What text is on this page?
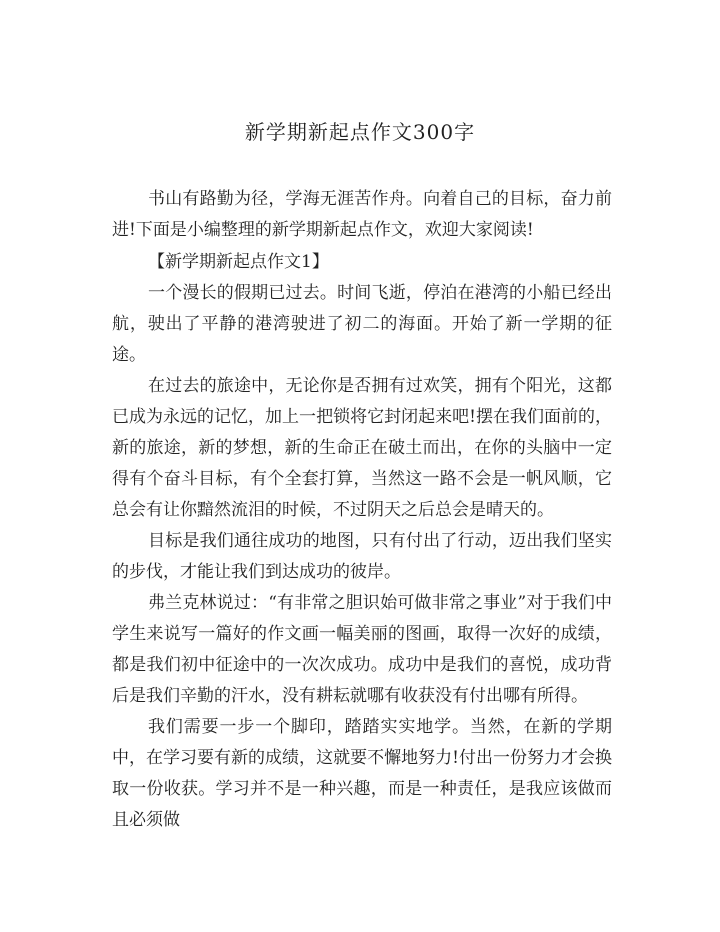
新学期新起点作文300字

书山有路勤为径，学海无涯苦作舟。向着自己的目标，奋力前进!下面是小编整理的新学期新起点作文，欢迎大家阅读!

【新学期新起点作文1】

一个漫长的假期已过去。时间飞逝，停泊在港湾的小船已经出航，驶出了平静的港湾驶进了初二的海面。开始了新一学期的征途。

在过去的旅途中，无论你是否拥有过欢笑，拥有个阳光，这都已成为永远的记忆，加上一把锁将它封闭起来吧!摆在我们面前的，新的旅途，新的梦想，新的生命正在破土而出，在你的头脑中一定得有个奋斗目标，有个全套打算，当然这一路不会是一帆风顺，它总会有让你黯然流泪的时候，不过阴天之后总会是晴天的。

目标是我们通往成功的地图，只有付出了行动，迈出我们坚实的步伐，才能让我们到达成功的彼岸。

弗兰克林说过：“有非常之胆识始可做非常之事业”对于我们中学生来说写一篇好的作文画一幅美丽的图画，取得一次好的成绩，都是我们初中征途中的一次次成功。成功中是我们的喜悦，成功背后是我们辛勤的汗水，没有耕耘就哪有收获没有付出哪有所得。

我们需要一步一个脚印，踏踏实实地学。当然，在新的学期中，在学习要有新的成绩，这就要不懈地努力!付出一份努力才会换取一份收获。学习并不是一种兴趣，而是一种责任，是我应该做而且必须做
